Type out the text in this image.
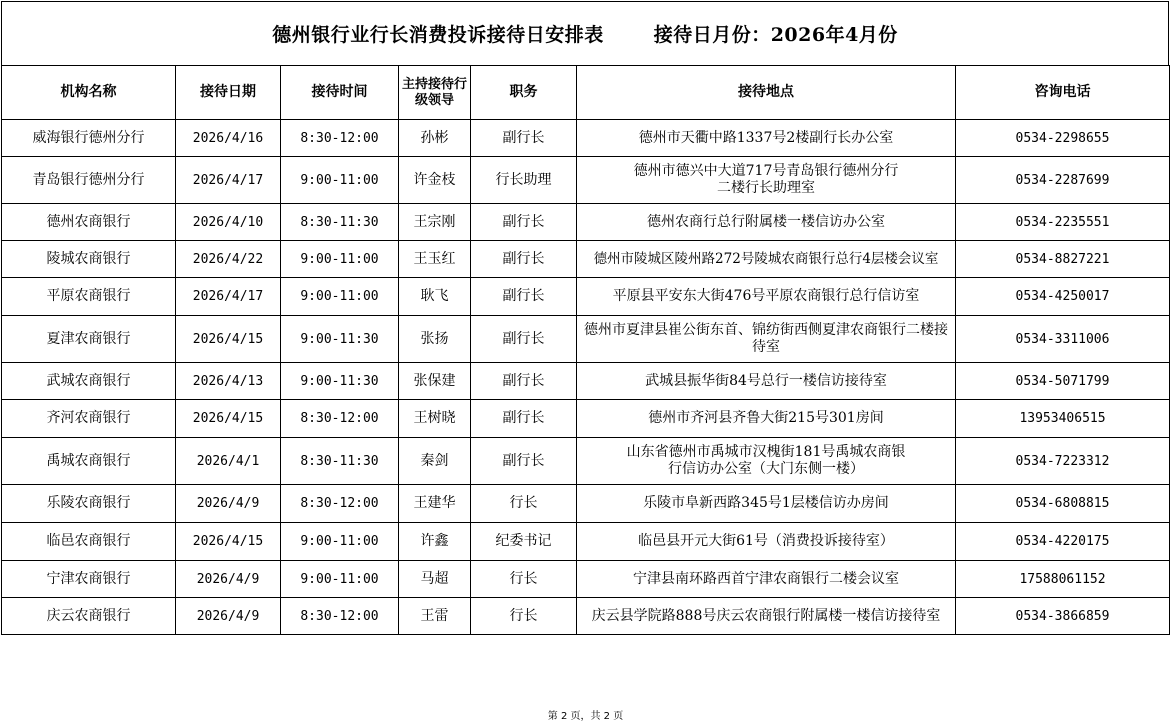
德州银行业行长消费投诉接待日安排表	接待日月份：2026年4月份
机构名称	接待日期	接待时间	主持接待行级领导	职务	接待地点	咨询电话
威海银行德州分行	2026/4/16	8:30-12:00	孙彬	副行长	德州市天衢中路1337号2楼副行长办公室	0534-2298655
青岛银行德州分行	2026/4/17	9:00-11:00	许金枝	行长助理	德州市德兴中大道717号青岛银行德州分行二楼行长助理室	0534-2287699
德州农商银行	2026/4/10	8:30-11:30	王宗刚	副行长	德州农商行总行附属楼一楼信访办公室	0534-2235551
陵城农商银行	2026/4/22	9:00-11:00	王玉红	副行长	德州市陵城区陵州路272号陵城农商银行总行4层楼会议室	0534-8827221
平原农商银行	2026/4/17	9:00-11:00	耿飞	副行长	平原县平安东大街476号平原农商银行总行信访室	0534-4250017
夏津农商银行	2026/4/15	9:00-11:30	张扬	副行长	德州市夏津县崔公街东首、锦纺街西侧夏津农商银行二楼接待室	0534-3311006
武城农商银行	2026/4/13	9:00-11:30	张保建	副行长	武城县振华街84号总行一楼信访接待室	0534-5071799
齐河农商银行	2026/4/15	8:30-12:00	王树晓	副行长	德州市齐河县齐鲁大街215号301房间	13953406515
禹城农商银行	2026/4/1	8:30-11:30	秦剑	副行长	山东省德州市禹城市汉槐街181号禹城农商银行信访办公室（大门东侧一楼）	0534-7223312
乐陵农商银行	2026/4/9	8:30-12:00	王建华	行长	乐陵市阜新西路345号1层楼信访办房间	0534-6808815
临邑农商银行	2026/4/15	9:00-11:00	许鑫	纪委书记	临邑县开元大街61号（消费投诉接待室）	0534-4220175
宁津农商银行	2026/4/9	9:00-11:00	马超	行长	宁津县南环路西首宁津农商银行二楼会议室	17588061152
庆云农商银行	2026/4/9	8:30-12:00	王雷	行长	庆云县学院路888号庆云农商银行附属楼一楼信访接待室	0534-3866859
第 2 页，共 2 页
